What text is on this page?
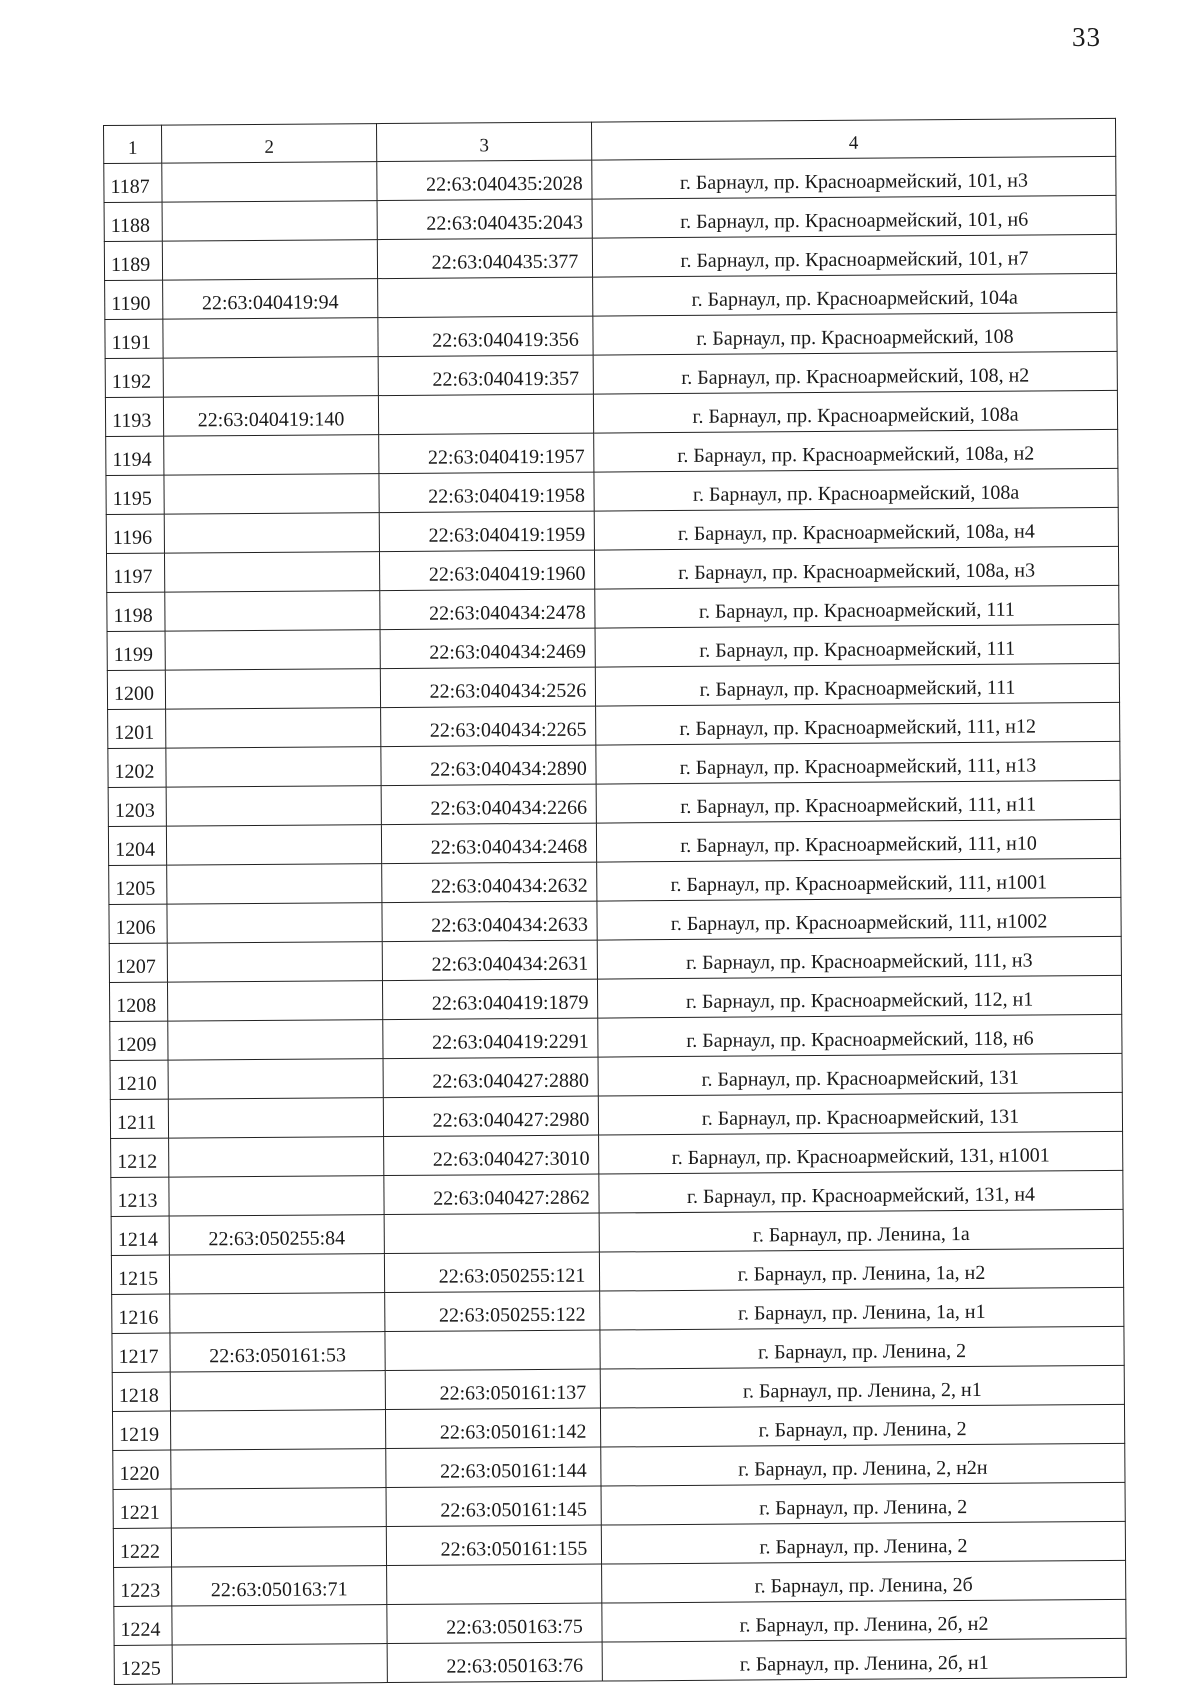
33
1	2	3	4
1187		22:63:040435:2028	г. Барнаул, пр. Красноармейский, 101, н3
1188		22:63:040435:2043	г. Барнаул, пр. Красноармейский, 101, н6
1189		22:63:040435:377	г. Барнаул, пр. Красноармейский, 101, н7
1190	22:63:040419:94		г. Барнаул, пр. Красноармейский, 104а
1191		22:63:040419:356	г. Барнаул, пр. Красноармейский, 108
1192		22:63:040419:357	г. Барнаул, пр. Красноармейский, 108, н2
1193	22:63:040419:140		г. Барнаул, пр. Красноармейский, 108а
1194		22:63:040419:1957	г. Барнаул, пр. Красноармейский, 108а, н2
1195		22:63:040419:1958	г. Барнаул, пр. Красноармейский, 108а
1196		22:63:040419:1959	г. Барнаул, пр. Красноармейский, 108а, н4
1197		22:63:040419:1960	г. Барнаул, пр. Красноармейский, 108а, н3
1198		22:63:040434:2478	г. Барнаул, пр. Красноармейский, 111
1199		22:63:040434:2469	г. Барнаул, пр. Красноармейский, 111
1200		22:63:040434:2526	г. Барнаул, пр. Красноармейский, 111
1201		22:63:040434:2265	г. Барнаул, пр. Красноармейский, 111, н12
1202		22:63:040434:2890	г. Барнаул, пр. Красноармейский, 111, н13
1203		22:63:040434:2266	г. Барнаул, пр. Красноармейский, 111, н11
1204		22:63:040434:2468	г. Барнаул, пр. Красноармейский, 111, н10
1205		22:63:040434:2632	г. Барнаул, пр. Красноармейский, 111, н1001
1206		22:63:040434:2633	г. Барнаул, пр. Красноармейский, 111, н1002
1207		22:63:040434:2631	г. Барнаул, пр. Красноармейский, 111, н3
1208		22:63:040419:1879	г. Барнаул, пр. Красноармейский, 112, н1
1209		22:63:040419:2291	г. Барнаул, пр. Красноармейский, 118, н6
1210		22:63:040427:2880	г. Барнаул, пр. Красноармейский, 131
1211		22:63:040427:2980	г. Барнаул, пр. Красноармейский, 131
1212		22:63:040427:3010	г. Барнаул, пр. Красноармейский, 131, н1001
1213		22:63:040427:2862	г. Барнаул, пр. Красноармейский, 131, н4
1214	22:63:050255:84		г. Барнаул, пр. Ленина, 1а
1215		22:63:050255:121	г. Барнаул, пр. Ленина, 1а, н2
1216		22:63:050255:122	г. Барнаул, пр. Ленина, 1а, н1
1217	22:63:050161:53		г. Барнаул, пр. Ленина, 2
1218		22:63:050161:137	г. Барнаул, пр. Ленина, 2, н1
1219		22:63:050161:142	г. Барнаул, пр. Ленина, 2
1220		22:63:050161:144	г. Барнаул, пр. Ленина, 2, н2н
1221		22:63:050161:145	г. Барнаул, пр. Ленина, 2
1222		22:63:050161:155	г. Барнаул, пр. Ленина, 2
1223	22:63:050163:71		г. Барнаул, пр. Ленина, 2б
1224		22:63:050163:75	г. Барнаул, пр. Ленина, 2б, н2
1225		22:63:050163:76	г. Барнаул, пр. Ленина, 2б, н1
